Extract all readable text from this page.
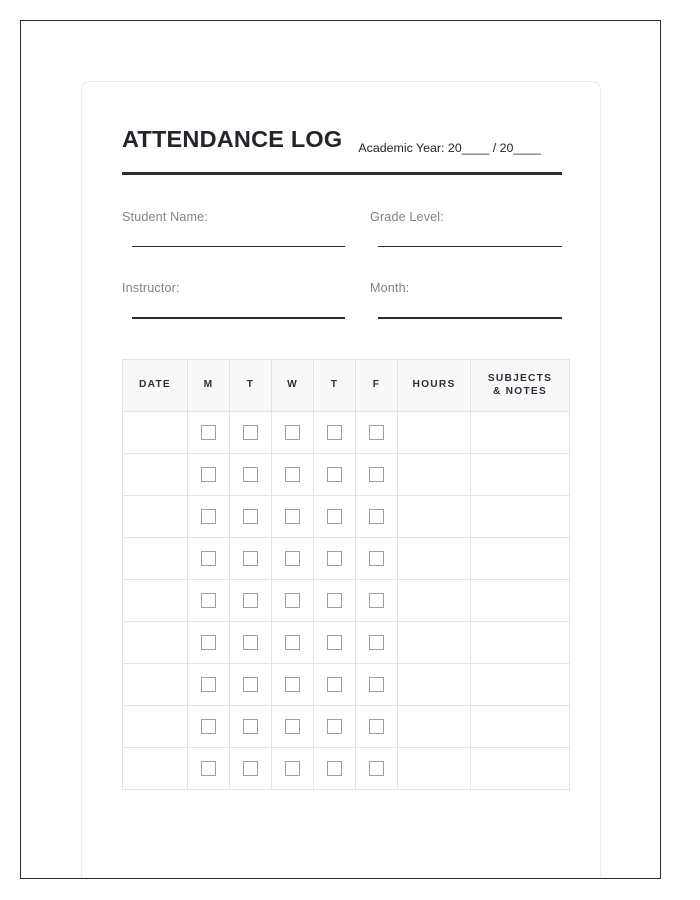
ATTENDANCE LOG Academic Year: 20____ / 20____
Student Name:	Grade Level:
Instructor:	Month:
DATE	M	T	W	T	F	HOURS	SUBJECTS
& NOTES
